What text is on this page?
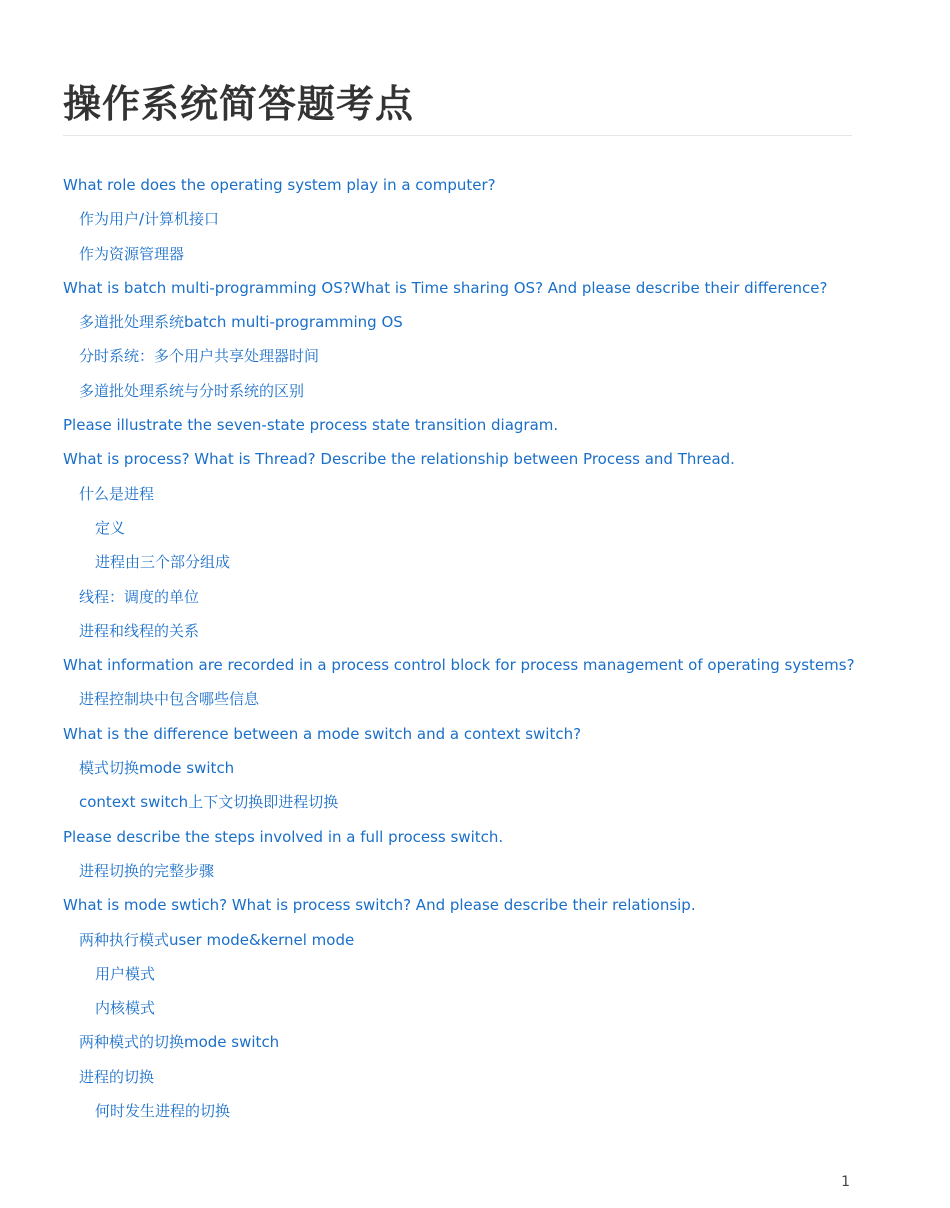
操作系统简答题考点
What role does the operating system play in a computer?
作为用户/计算机接口
作为资源管理器
What is batch multi-programming OS?What is Time sharing OS? And please describe their difference?
多道批处理系统batch multi-programming OS
分时系统：多个用户共享处理器时间
多道批处理系统与分时系统的区别
Please illustrate the seven-state process state transition diagram.
What is process? What is Thread? Describe the relationship between Process and Thread.
什么是进程
定义
进程由三个部分组成
线程：调度的单位
进程和线程的关系
What information are recorded in a process control block for process management of operating systems?
进程控制块中包含哪些信息
What is the difference between a mode switch and a context switch?
模式切换mode switch
context switch上下文切换即进程切换
Please describe the steps involved in a full process switch.
进程切换的完整步骤
What is mode swtich? What is process switch? And please describe their relationsip.
两种执行模式user mode&kernel mode
用户模式
内核模式
两种模式的切换mode switch
进程的切换
何时发生进程的切换
1
